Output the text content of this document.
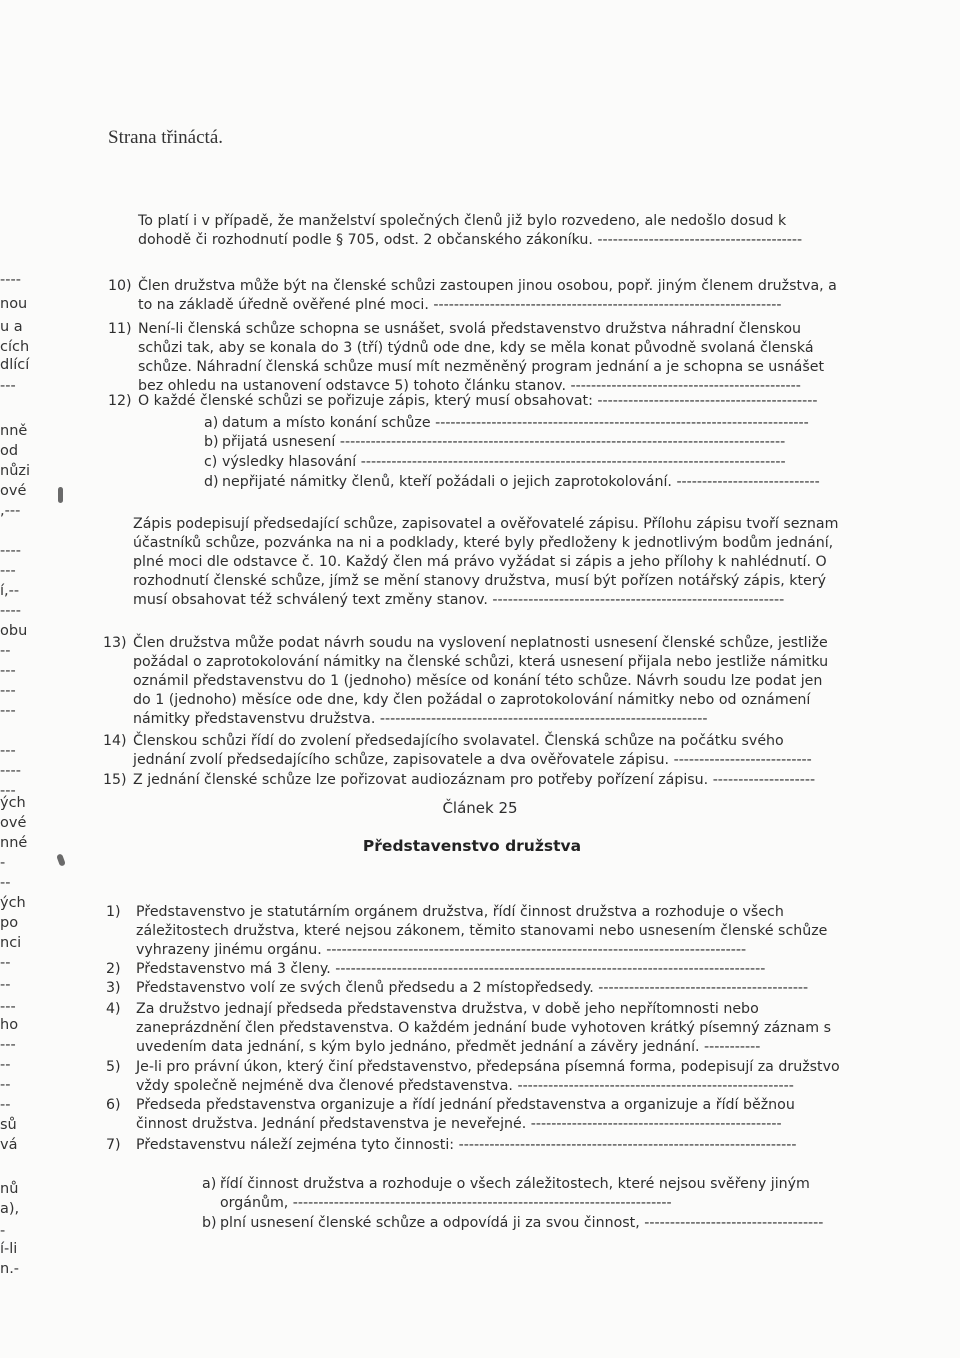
Strana třináctá.
----
nou
u a
cích
dlící
---
nně
od
nůzi
ové
,---
----
---
í,--
----
obu
--
---
---
---
---
----
---
ých
ové
nné
-
--
ých
po
nci
--
--
---
ho
---
--
--
--
sů
vá
nů
a),
-
í-li
n.-
To platí i v případě, že manželství společných členů již bylo rozvedeno, ale nedošlo dosud k dohodě či rozhodnutí podle § 705, odst. 2 občanského zákoníku. ----------------------------------------
10) Člen družstva může být na členské schůzi zastoupen jinou osobou, popř. jiným členem družstva, a to na základě úředně ověřené plné moci. --------------------------------------------------------------------
11) Není-li členská schůze schopna se usnášet, svolá představenstvo družstva náhradní členskou schůzi tak, aby se konala do 3 (tří) týdnů ode dne, kdy se měla konat původně svolaná členská schůze. Náhradní členská schůze musí mít nezměněný program jednání a je schopna se usnášet bez ohledu na ustanovení odstavce 5) tohoto článku stanov. ---------------------------------------------
12) O každé členské schůzi se pořizuje zápis, který musí obsahovat: -------------------------------------------
a) datum a místo konání schůze -------------------------------------------------------------------------
b) přijatá usnesení ---------------------------------------------------------------------------------------
c) výsledky hlasování -----------------------------------------------------------------------------------
d) nepřijaté námitky členů, kteří požádali o jejich zaprotokolování. ----------------------------
Zápis podepisují předsedající schůze, zapisovatel a ověřovatelé zápisu. Přílohu zápisu tvoří seznam účastníků schůze, pozvánka na ni a podklady, které byly předloženy k jednotlivým bodům jednání, plné moci dle odstavce č. 10. Každý člen má právo vyžádat si zápis a jeho přílohy k nahlédnutí. O rozhodnutí členské schůze, jímž se mění stanovy družstva, musí být pořízen notářský zápis, který musí obsahovat též schválený text změny stanov. ---------------------------------------------------------
13) Člen družstva může podat návrh soudu na vyslovení neplatnosti usnesení členské schůze, jestliže požádal o zaprotokolování námitky na členské schůzi, která usnesení přijala nebo jestliže námitku oznámil představenstvu do 1 (jednoho) měsíce od konání této schůze. Návrh soudu lze podat jen do 1 (jednoho) měsíce ode dne, kdy člen požádal o zaprotokolování námitky nebo od oznámení námitky představenstvu družstva. ----------------------------------------------------------------
14) Členskou schůzi řídí do zvolení předsedajícího svolavatel. Členská schůze na počátku svého jednání zvolí předsedajícího schůze, zapisovatele a dva ověřovatele zápisu. ---------------------------
15) Z jednání členské schůze lze pořizovat audiozáznam pro potřeby pořízení zápisu. --------------------
Článek 25
Představenstvo družstva
1) Představenstvo je statutárním orgánem družstva, řídí činnost družstva a rozhoduje o všech záležitostech družstva, které nejsou zákonem, těmito stanovami nebo usnesením členské schůze vyhrazeny jinému orgánu. ----------------------------------------------------------------------------------
2) Představenstvo má 3 členy. ------------------------------------------------------------------------------------
3) Představenstvo volí ze svých členů předsedu a 2 místopředsedy. -----------------------------------------
4) Za družstvo jednají předseda představenstva družstva, v době jeho nepřítomnosti nebo zaneprázdnění člen představenstva. O každém jednání bude vyhotoven krátký písemný záznam s uvedením data jednání, s kým bylo jednáno, předmět jednání a závěry jednání. -----------
5) Je-li pro právní úkon, který činí představenstvo, předepsána písemná forma, podepisují za družstvo vždy společně nejméně dva členové představenstva. ------------------------------------------------------
6) Předseda představenstva organizuje a řídí jednání představenstva a organizuje a řídí běžnou činnost družstva. Jednání představenstva je neveřejné. -------------------------------------------------
7) Představenstvu náleží zejména tyto činnosti: ------------------------------------------------------------------
a) řídí činnost družstva a rozhoduje o všech záležitostech, které nejsou svěřeny jiným orgánům, --------------------------------------------------------------------------
b) plní usnesení členské schůze a odpovídá ji za svou činnost, -----------------------------------
